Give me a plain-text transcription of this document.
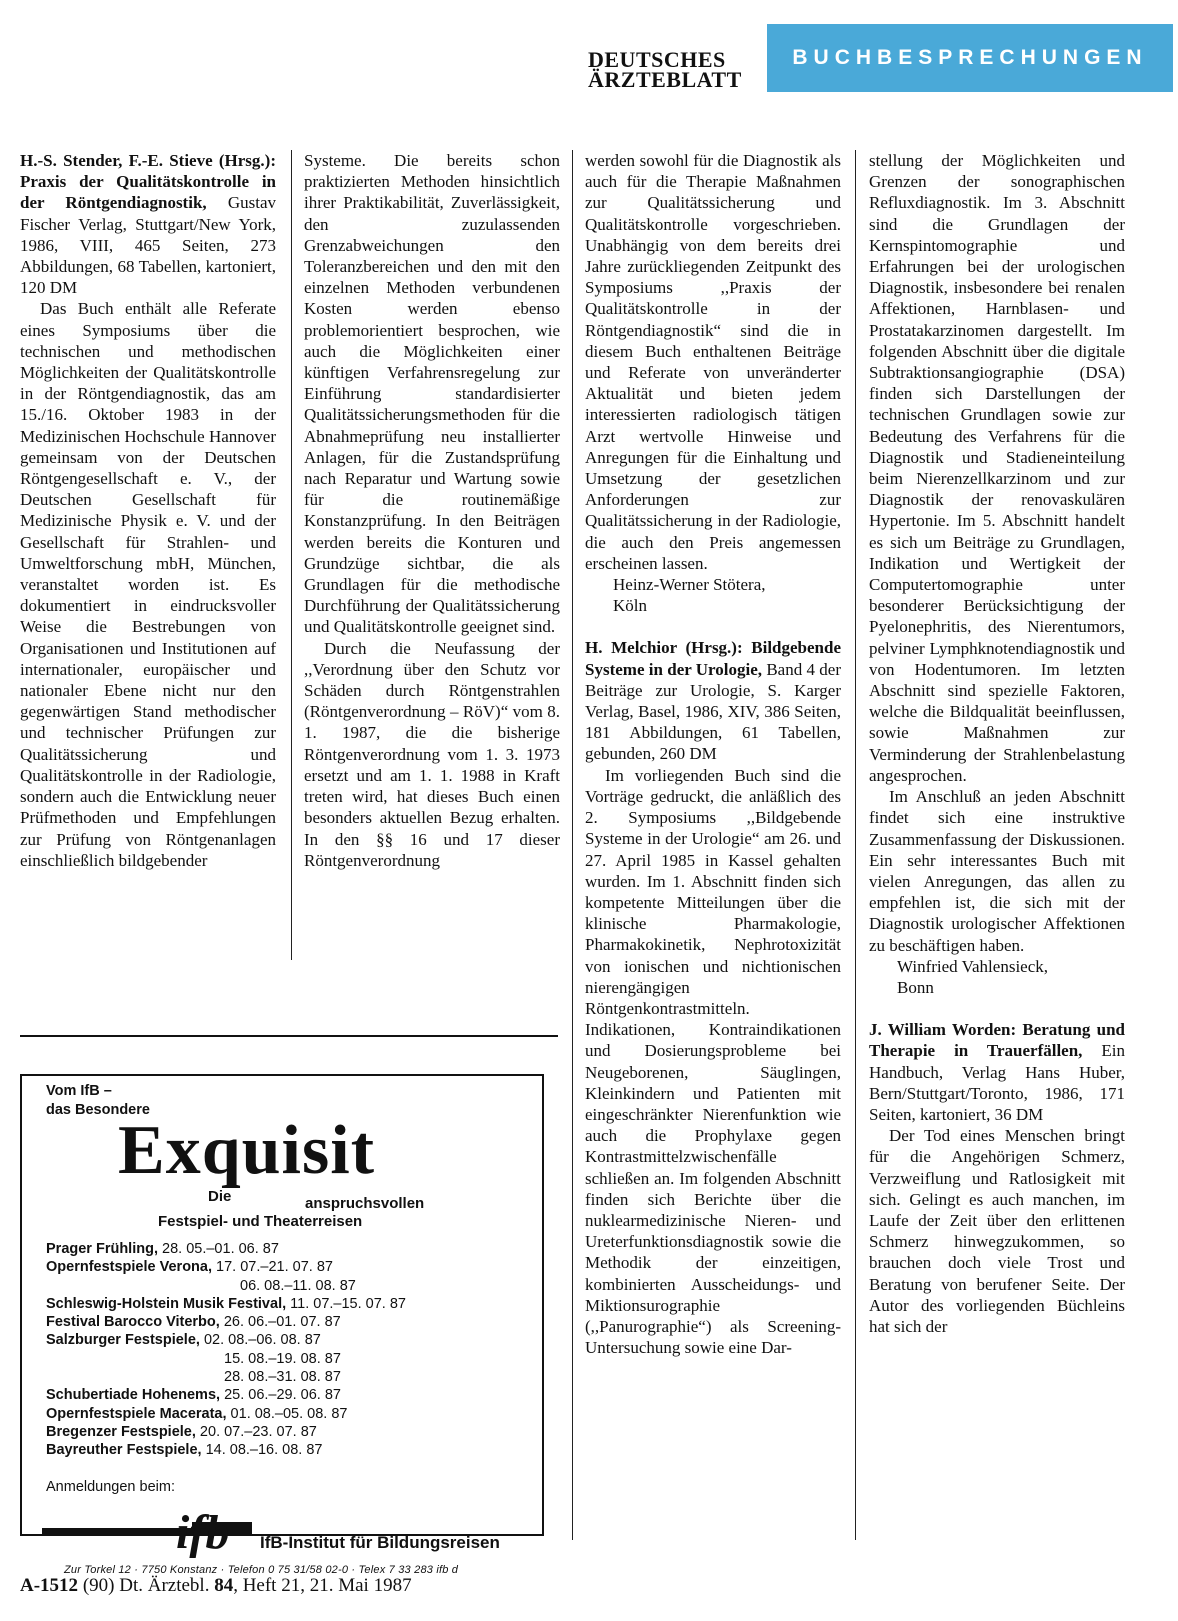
DEUTSCHES
ÄRZTEBLATT
BUCHBESPRECHUNGEN

H.-S. Stender, F.-E. Stieve (Hrsg.): Praxis der Qualitätskontrolle in der Röntgendiagnostik, Gustav Fischer Verlag, Stuttgart/New York, 1986, VIII, 465 Seiten, 273 Abbildungen, 68 Tabellen, kartoniert, 120 DM

Das Buch enthält alle Referate eines Symposiums über die technischen und methodischen Möglichkeiten der Qualitätskontrolle in der Röntgendiagnostik, das am 15./16. Oktober 1983 in der Medizinischen Hochschule Hannover gemeinsam von der Deutschen Röntgengesellschaft e. V., der Deutschen Gesellschaft für Medizinische Physik e. V. und der Gesellschaft für Strahlen- und Umweltforschung mbH, München, veranstaltet worden ist. Es dokumentiert in eindrucksvoller Weise die Bestrebungen von Organisationen und Institutionen auf internationaler, europäischer und nationaler Ebene nicht nur den gegenwärtigen Stand methodischer und technischer Prüfungen zur Qualitätssicherung und Qualitätskontrolle in der Radiologie, sondern auch die Entwicklung neuer Prüfmethoden und Empfehlungen zur Prüfung von Röntgenanlagen einschließlich bildgebender

Systeme. Die bereits schon praktizierten Methoden hinsichtlich ihrer Praktikabilität, Zuverlässigkeit, den zuzulassenden Grenzabweichungen den Toleranzbereichen und den mit den einzelnen Methoden verbundenen Kosten werden ebenso problemorientiert besprochen, wie auch die Möglichkeiten einer künftigen Verfahrensregelung zur Einführung standardisierter Qualitätssicherungsmethoden für die Abnahmeprüfung neu installierter Anlagen, für die Zustandsprüfung nach Reparatur und Wartung sowie für die routinemäßige Konstanzprüfung. In den Beiträgen werden bereits die Konturen und Grundzüge sichtbar, die als Grundlagen für die methodische Durchführung der Qualitätssicherung und Qualitätskontrolle geeignet sind.

Durch die Neufassung der ,,Verordnung über den Schutz vor Schäden durch Röntgenstrahlen (Röntgenverordnung – RöV)“ vom 8. 1. 1987, die die bisherige Röntgenverordnung vom 1. 3. 1973 ersetzt und am 1. 1. 1988 in Kraft treten wird, hat dieses Buch einen besonders aktuellen Bezug erhalten. In den §§ 16 und 17 dieser Röntgenverordnung

werden sowohl für die Diagnostik als auch für die Therapie Maßnahmen zur Qualitätssicherung und Qualitätskontrolle vorgeschrieben. Unabhängig von dem bereits drei Jahre zurückliegenden Zeitpunkt des Symposiums ,,Praxis der Qualitätskontrolle in der Röntgendiagnostik“ sind die in diesem Buch enthaltenen Beiträge und Referate von unveränderter Aktualität und bieten jedem interessierten radiologisch tätigen Arzt wertvolle Hinweise und Anregungen für die Einhaltung und Umsetzung der gesetzlichen Anforderungen zur Qualitätssicherung in der Radiologie, die auch den Preis angemessen erscheinen lassen.

Heinz-Werner Stötera,

Köln

H. Melchior (Hrsg.): Bildgebende Systeme in der Urologie, Band 4 der Beiträge zur Urologie, S. Karger Verlag, Basel, 1986, XIV, 386 Seiten, 181 Abbildungen, 61 Tabellen, gebunden, 260 DM

Im vorliegenden Buch sind die Vorträge gedruckt, die anläßlich des 2. Symposiums ,,Bildgebende Systeme in der Urologie“ am 26. und 27. April 1985 in Kassel gehalten wurden. Im 1. Abschnitt finden sich kompetente Mitteilungen über die klinische Pharmakologie, Pharmakokinetik, Nephrotoxizität von ionischen und nichtionischen nierengängigen Röntgenkontrastmitteln. Indikationen, Kontraindikationen und Dosierungsprobleme bei Neugeborenen, Säuglingen, Kleinkindern und Patienten mit eingeschränkter Nierenfunktion wie auch die Prophylaxe gegen Kontrastmittelzwischenfälle schließen an. Im folgenden Abschnitt finden sich Berichte über die nuklearmedizinische Nieren- und Ureterfunktionsdiagnostik sowie die Methodik der einzeitigen, kombinierten Ausscheidungs- und Miktionsurographie (,,Panurographie“) als Screening-Untersuchung sowie eine Dar-

stellung der Möglichkeiten und Grenzen der sonographischen Refluxdiagnostik. Im 3. Abschnitt sind die Grundlagen der Kernspintomographie und Erfahrungen bei der urologischen Diagnostik, insbesondere bei renalen Affektionen, Harnblasen- und Prostatakarzinomen dargestellt. Im folgenden Abschnitt über die digitale Subtraktionsangiographie (DSA) finden sich Darstellungen der technischen Grundlagen sowie zur Bedeutung des Verfahrens für die Diagnostik und Stadieneinteilung beim Nierenzellkarzinom und zur Diagnostik der renovaskulären Hypertonie. Im 5. Abschnitt handelt es sich um Beiträge zu Grundlagen, Indikation und Wertigkeit der Computertomographie unter besonderer Berücksichtigung der Pyelonephritis, des Nierentumors, pelviner Lymphknotendiagnostik und von Hodentumoren. Im letzten Abschnitt sind spezielle Faktoren, welche die Bildqualität beeinflussen, sowie Maßnahmen zur Verminderung der Strahlenbelastung angesprochen.

Im Anschluß an jeden Abschnitt findet sich eine instruktive Zusammenfassung der Diskussionen. Ein sehr interessantes Buch mit vielen Anregungen, das allen zu empfehlen ist, die sich mit der Diagnostik urologischer Affektionen zu beschäftigen haben.

Winfried Vahlensieck,

Bonn

J. William Worden: Beratung und Therapie in Trauerfällen, Ein Handbuch, Verlag Hans Huber, Bern/Stuttgart/Toronto, 1986, 171 Seiten, kartoniert, 36 DM

Der Tod eines Menschen bringt für die Angehörigen Schmerz, Verzweiflung und Ratlosigkeit mit sich. Gelingt es auch manchen, im Laufe der Zeit über den erlittenen Schmerz hinwegzukommen, so brauchen doch viele Trost und Beratung von berufener Seite. Der Autor des vorliegenden Büchleins hat sich der

Vom IfB –
das Besondere
Exquisit
Die	anspruchsvollen
Festspiel- und Theaterreisen
Prager Frühling, 28. 05.–01. 06. 87
Opernfestspiele Verona, 17. 07.–21. 07. 87
06. 08.–11. 08. 87
Schleswig-Holstein Musik Festival, 11. 07.–15. 07. 87
Festival Barocco Viterbo, 26. 06.–01. 07. 87
Salzburger Festspiele, 02. 08.–06. 08. 87
15. 08.–19. 08. 87
28. 08.–31. 08. 87
Schubertiade Hohenems, 25. 06.–29. 06. 87
Opernfestspiele Macerata, 01. 08.–05. 08. 87
Bregenzer Festspiele, 20. 07.–23. 07. 87
Bayreuther Festspiele, 14. 08.–16. 08. 87
Anmeldungen beim:
ifb IfB-Institut für Bildungsreisen
Zur Torkel 12 · 7750 Konstanz · Telefon 0 75 31/58 02-0 · Telex 7 33 283 ifb d
A-1512 (90) Dt. Ärztebl. 84, Heft 21, 21. Mai 1987
